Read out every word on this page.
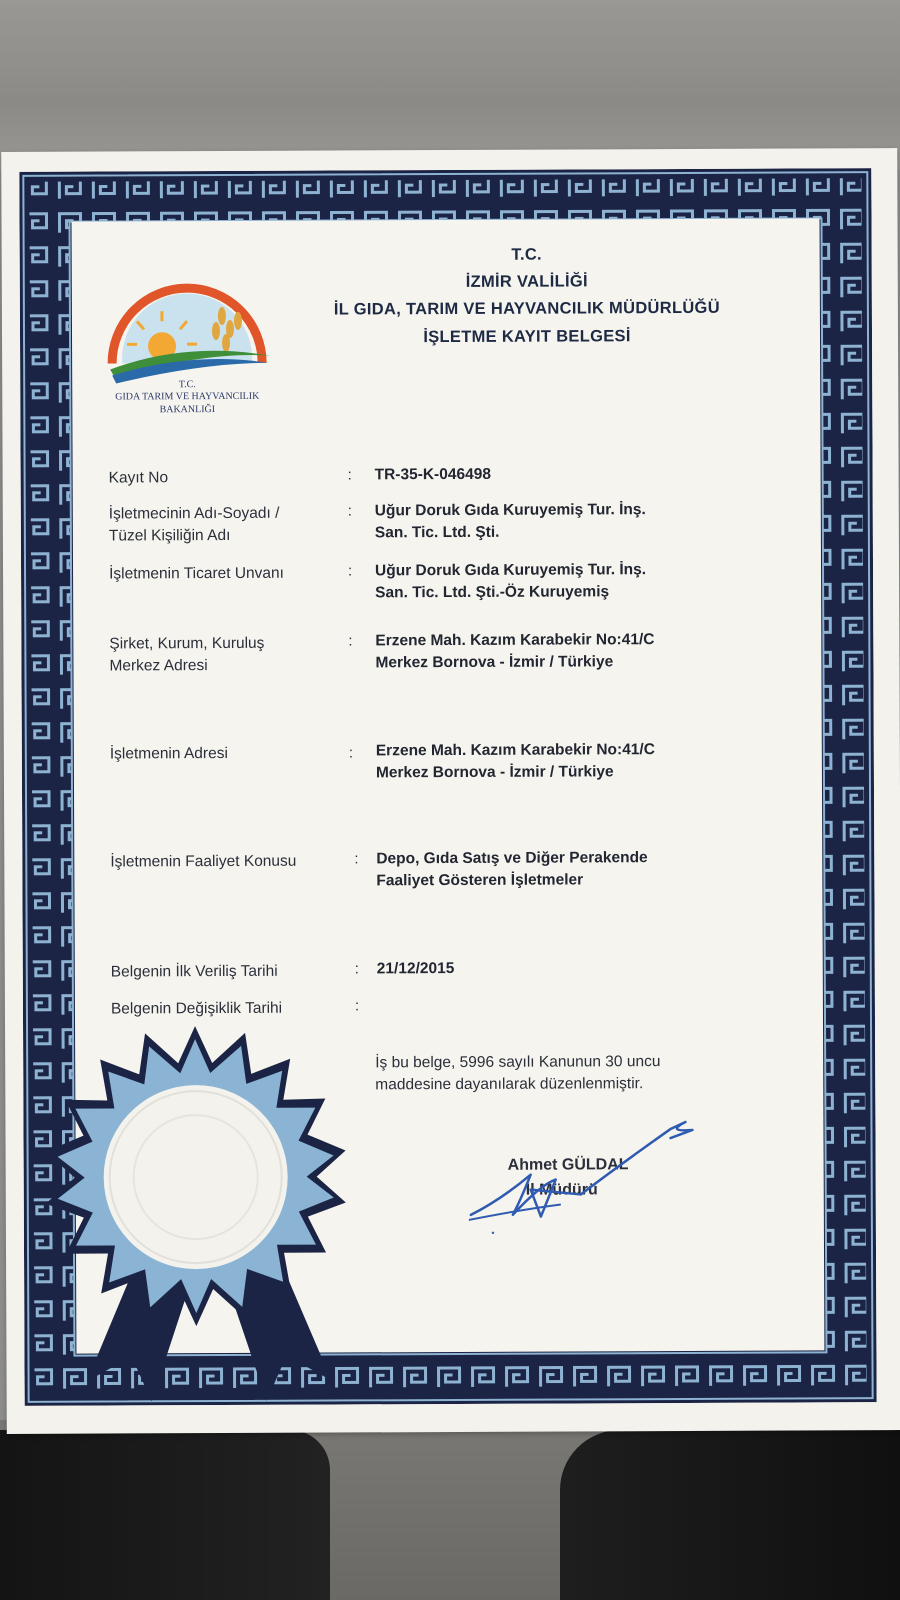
T.C.
GIDA TARIM VE HAYVANCILIK
BAKANLIĞI
T.C.
İZMİR VALİLİĞİ
İL GIDA, TARIM VE HAYVANCILIK MÜDÜRLÜĞÜ
İŞLETME KAYIT BELGESİ
Kayıt No	: TR-35-K-046498
İşletmecinin Adı-Soyadı /
Tüzel Kişiliğin Adı
: Uğur Doruk Gıda Kuruyemiş Tur. İnş.
San. Tic. Ltd. Şti.
İşletmenin Ticaret Unvanı	: Uğur Doruk Gıda Kuruyemiş Tur. İnş.
San. Tic. Ltd. Şti.-Öz Kuruyemiş
Şirket, Kurum, Kuruluş
Merkez Adresi
: Erzene Mah. Kazım Karabekir No:41/C
Merkez Bornova - İzmir / Türkiye
İşletmenin Adresi	: Erzene Mah. Kazım Karabekir No:41/C
Merkez Bornova - İzmir / Türkiye
İşletmenin Faaliyet Konusu	: Depo, Gıda Satış ve Diğer Perakende
Faaliyet Gösteren İşletmeler
Belgenin İlk Veriliş Tarihi	: 21/12/2015
Belgenin Değişiklik Tarihi	:
İş bu belge, 5996 sayılı Kanunun 30 uncu
maddesine dayanılarak düzenlenmiştir.
Ahmet GÜLDAL
İl Müdürü
